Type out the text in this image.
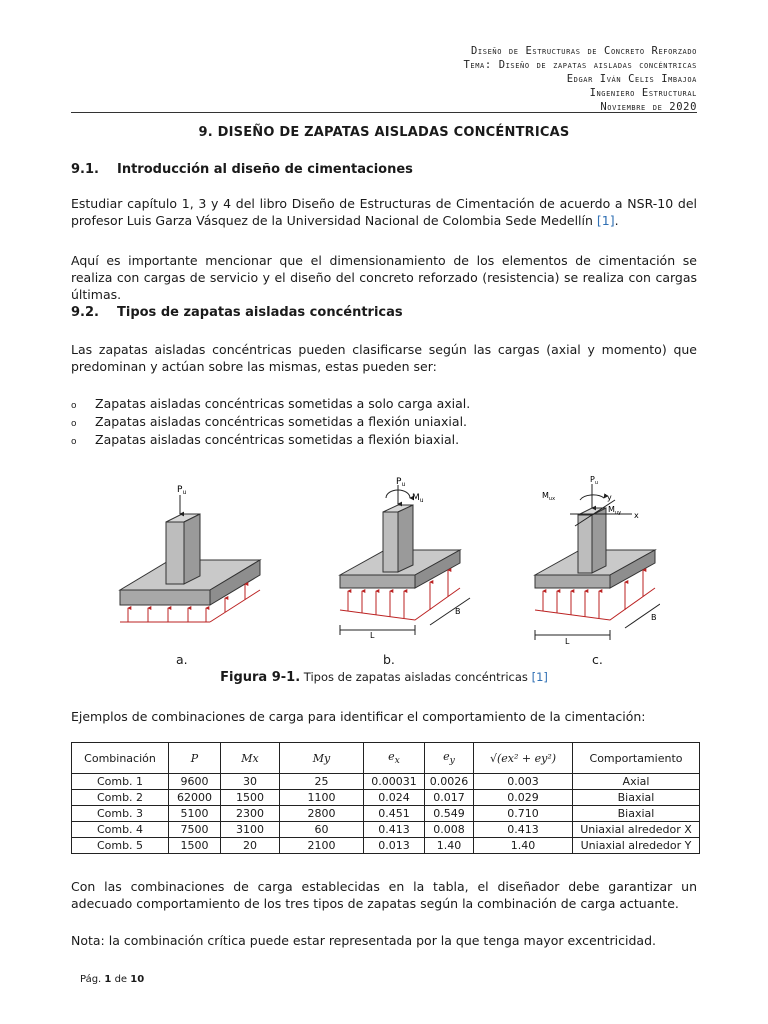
Diseño de Estructuras de Concreto Reforzado
Tema: Diseño de zapatas aisladas concéntricas
Edgar Iván Celis Imbajoa
Ingeniero Estructural
Noviembre de 2020
9. DISEÑO DE ZAPATAS AISLADAS CONCÉNTRICAS
9.1. Introducción al diseño de cimentaciones
Estudiar capítulo 1, 3 y 4 del libro Diseño de Estructuras de Cimentación de acuerdo a NSR-10 del profesor Luis Garza Vásquez de la Universidad Nacional de Colombia Sede Medellín [1].
Aquí es importante mencionar que el dimensionamiento de los elementos de cimentación se realiza con cargas de servicio y el diseño del concreto reforzado (resistencia) se realiza con cargas últimas.
9.2. Tipos de zapatas aisladas concéntricas
Las zapatas aisladas concéntricas pueden clasificarse según las cargas (axial y momento) que predominan y actúan sobre las mismas, estas pueden ser:
o Zapatas aisladas concéntricas sometidas a solo carga axial.
o Zapatas aisladas concéntricas sometidas a flexión uniaxial.
o Zapatas aisladas concéntricas sometidas a flexión biaxial.
$P_u$
$P_u$
$M_u$
L
B
$P_u$
$M_{ux}$
$M_{uy}$ x
y
L
B
a.	b.	c.
Figura 9-1. Tipos de zapatas aisladas concéntricas [1]
Ejemplos de combinaciones de carga para identificar el comportamiento de la cimentación:
Combinación	P	Mx	My	$e_x$	$e_y$	√(ex² + ey²)	Comportamiento
Comb. 1	9600	30	25	0.00031	0.0026	0.003	Axial
Comb. 2	62000	1500	1100	0.024	0.017	0.029	Biaxial
Comb. 3	5100	2300	2800	0.451	0.549	0.710	Biaxial
Comb. 4	7500	3100	60	0.413	0.008	0.413	Uniaxial alrededor X
Comb. 5	1500	20	2100	0.013	1.40	1.40	Uniaxial alrededor Y
Con las combinaciones de carga establecidas en la tabla, el diseñador debe garantizar un adecuado comportamiento de los tres tipos de zapatas según la combinación de carga actuante.
Nota: la combinación crítica puede estar representada por la que tenga mayor excentricidad.
Pág. 1 de 10
